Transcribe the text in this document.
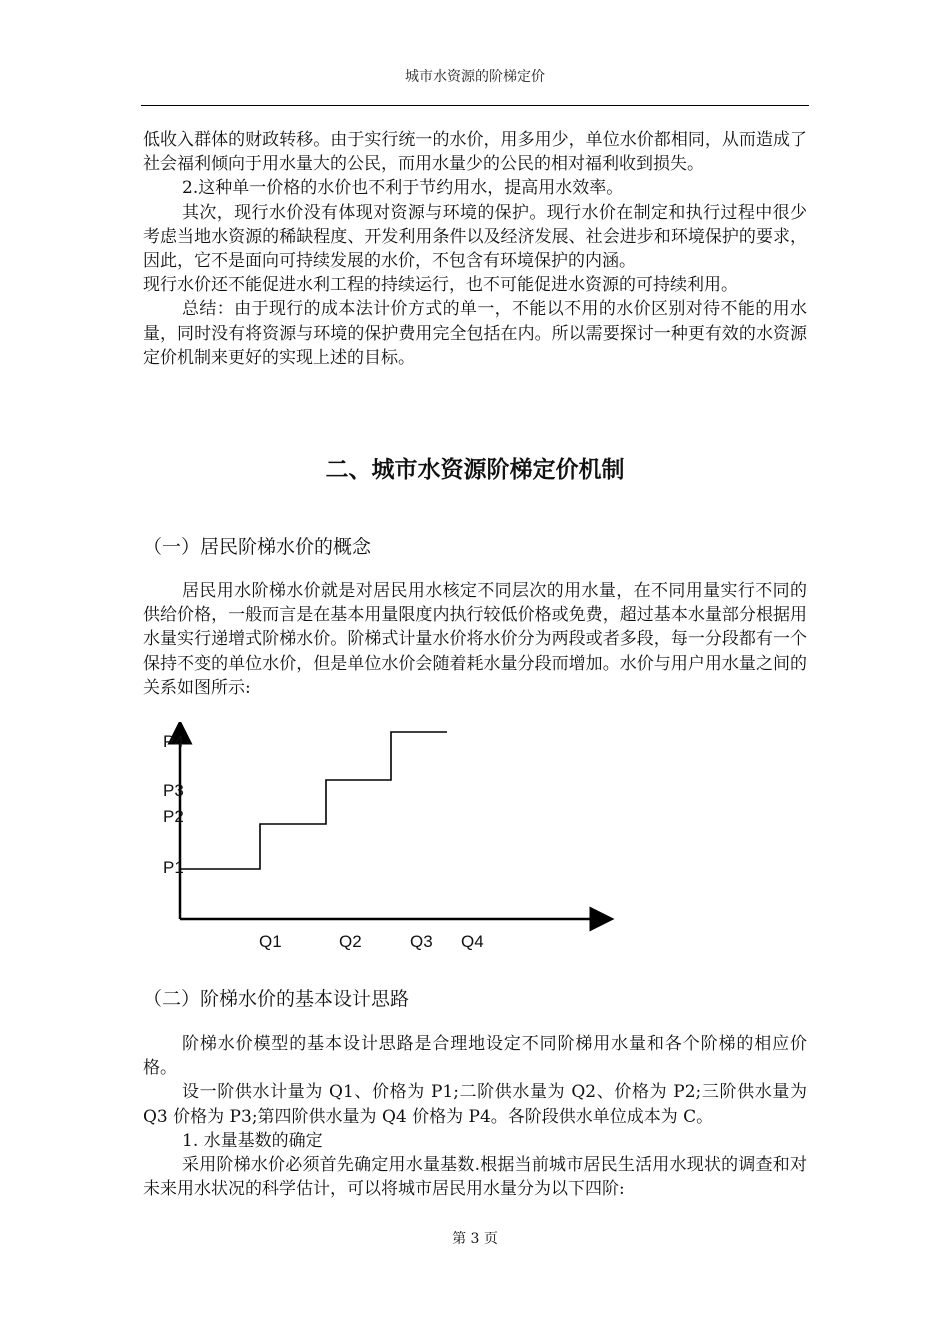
城市水资源的阶梯定价

低收入群体的财政转移。由于实行统一的水价，用多用少，单位水价都相同，从而造成了社会福利倾向于用水量大的公民，而用水量少的公民的相对福利收到损失。

2.这种单一价格的水价也不利于节约用水，提高用水效率。

其次，现行水价没有体现对资源与环境的保护。现行水价在制定和执行过程中很少考虑当地水资源的稀缺程度、开发利用条件以及经济发展、社会进步和环境保护的要求，因此，它不是面向可持续发展的水价，不包含有环境保护的内涵。

现行水价还不能促进水利工程的持续运行，也不可能促进水资源的可持续利用。

总结：由于现行的成本法计价方式的单一，不能以不用的水价区别对待不能的用水量，同时没有将资源与环境的保护费用完全包括在内。所以需要探讨一种更有效的水资源定价机制来更好的实现上述的目标。

二、城市水资源阶梯定价机制
（一）居民阶梯水价的概念

居民用水阶梯水价就是对居民用水核定不同层次的用水量，在不同用量实行不同的供给价格，一般而言是在基本用量限度内执行较低价格或免费，超过基本水量部分根据用水量实行递增式阶梯水价。阶梯式计量水价将水价分为两段或者多段，每一分段都有一个保持不变的单位水价，但是单位水价会随着耗水量分段而增加。水价与用户用水量之间的关系如图所示:

P1
P2
P3
P4
Q1	Q2	Q3 Q4
（二）阶梯水价的基本设计思路

阶梯水价模型的基本设计思路是合理地设定不同阶梯用水量和各个阶梯的相应价格。

设一阶供水计量为 Q1、价格为 P1;二阶供水量为 Q2、价格为 P2;三阶供水量为 Q3 价格为 P3;第四阶供水量为 Q4 价格为 P4。各阶段供水单位成本为 C。

1. 水量基数的确定

采用阶梯水价必须首先确定用水量基数.根据当前城市居民生活用水现状的调查和对未来用水状况的科学估计，可以将城市居民用水量分为以下四阶:

第 3 页
